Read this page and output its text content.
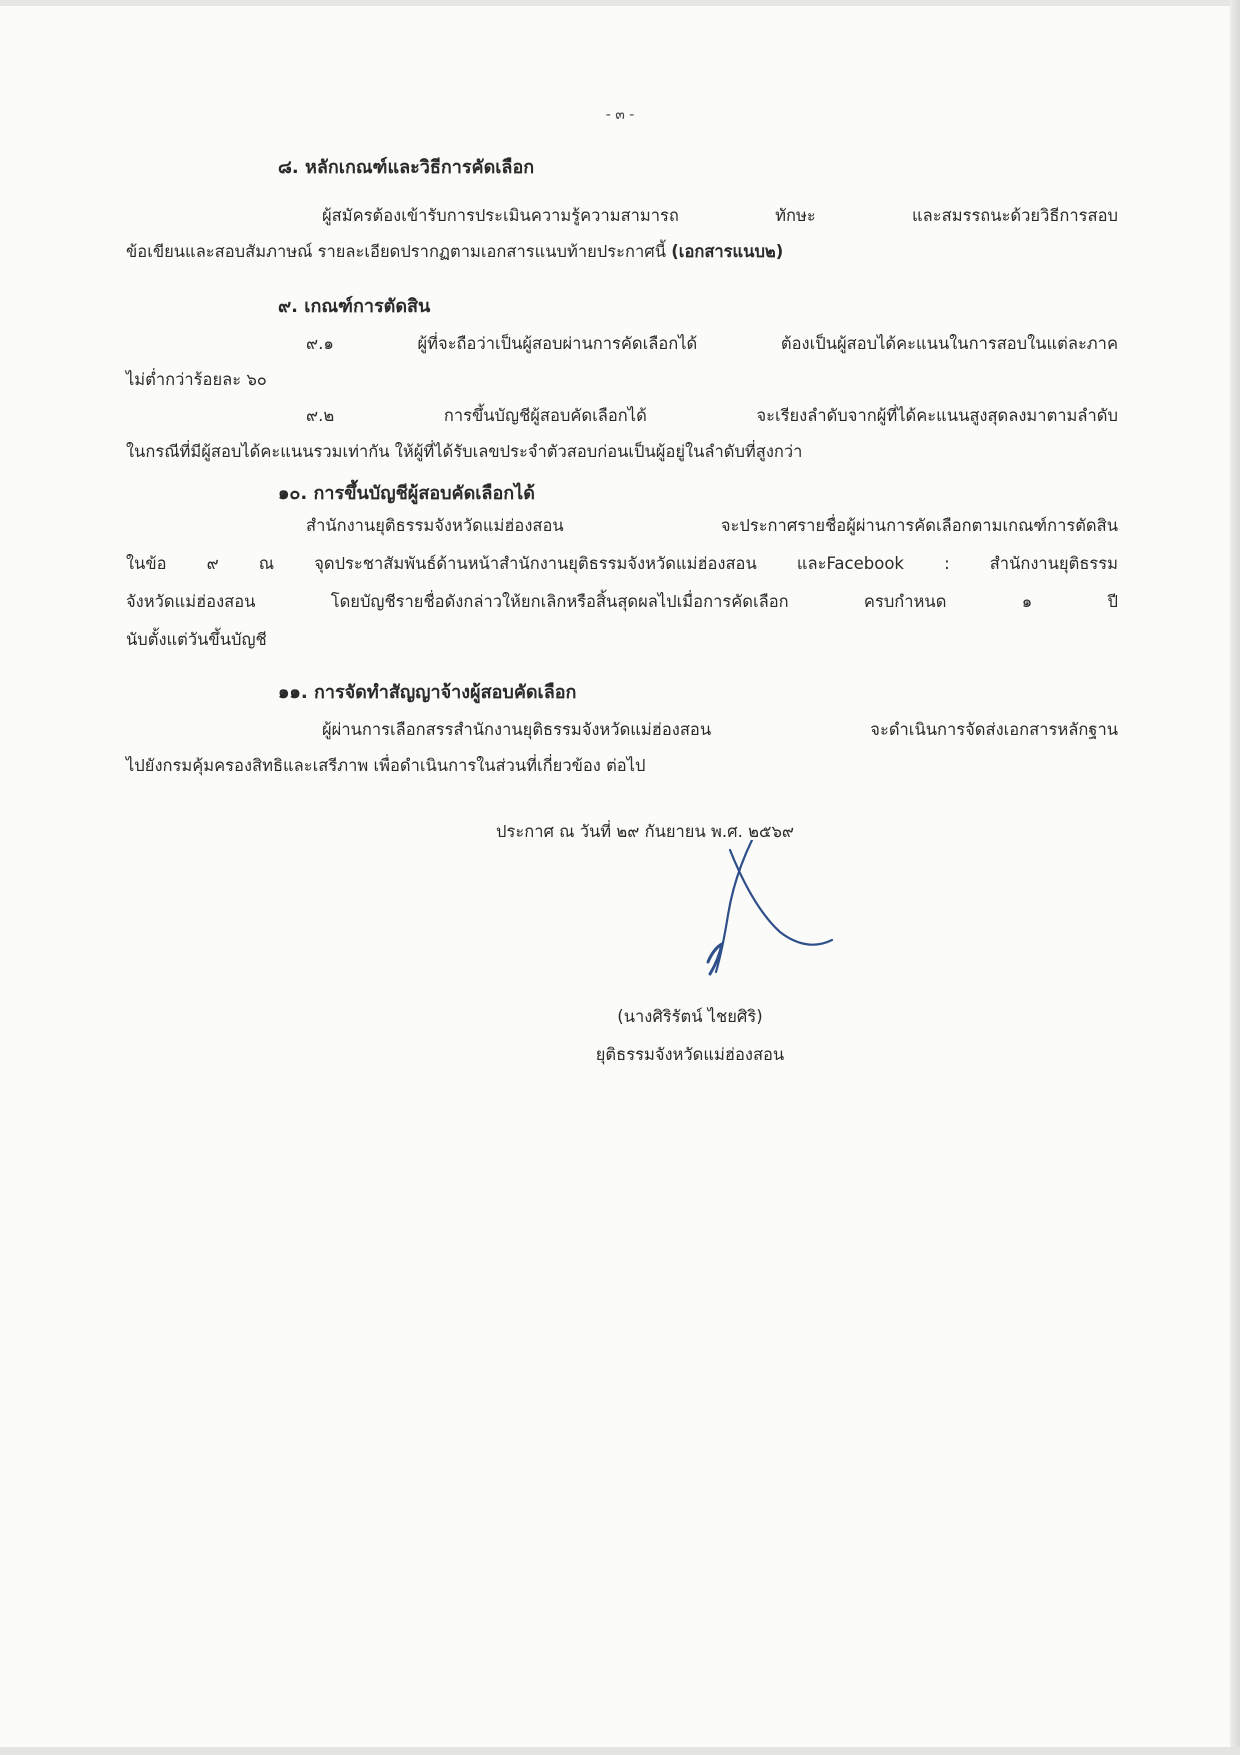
- ๓ -
๘. หลักเกณฑ์และวิธีการคัดเลือก
ผู้สมัครต้องเข้ารับการประเมินความรู้ความสามารถ ทักษะ และสมรรถนะด้วยวิธีการสอบ
ข้อเขียนและสอบสัมภาษณ์ รายละเอียดปรากฏตามเอกสารแนบท้ายประกาศนี้ (เอกสารแนบ๒)
๙. เกณฑ์การตัดสิน
๙.๑ ผู้ที่จะถือว่าเป็นผู้สอบผ่านการคัดเลือกได้ ต้องเป็นผู้สอบได้คะแนนในการสอบในแต่ละภาค
ไม่ต่ำกว่าร้อยละ ๖๐
๙.๒ การขึ้นบัญชีผู้สอบคัดเลือกได้ จะเรียงลำดับจากผู้ที่ได้คะแนนสูงสุดลงมาตามลำดับ
ในกรณีที่มีผู้สอบได้คะแนนรวมเท่ากัน ให้ผู้ที่ได้รับเลขประจำตัวสอบก่อนเป็นผู้อยู่ในลำดับที่สูงกว่า
๑๐. การขึ้นบัญชีผู้สอบคัดเลือกได้
สำนักงานยุติธรรมจังหวัดแม่ฮ่องสอน จะประกาศรายชื่อผู้ผ่านการคัดเลือกตามเกณฑ์การตัดสิน
ในข้อ ๙ ณ จุดประชาสัมพันธ์ด้านหน้าสำนักงานยุติธรรมจังหวัดแม่ฮ่องสอน และFacebook : สำนักงานยุติธรรม
จังหวัดแม่ฮ่องสอน โดยบัญชีรายชื่อดังกล่าวให้ยกเลิกหรือสิ้นสุดผลไปเมื่อการคัดเลือก ครบกำหนด ๑ ปี
นับตั้งแต่วันขึ้นบัญชี
๑๑. การจัดทำสัญญาจ้างผู้สอบคัดเลือก
ผู้ผ่านการเลือกสรรสำนักงานยุติธรรมจังหวัดแม่ฮ่องสอน จะดำเนินการจัดส่งเอกสารหลักฐาน
ไปยังกรมคุ้มครองสิทธิและเสรีภาพ เพื่อดำเนินการในส่วนที่เกี่ยวข้อง ต่อไป
ประกาศ ณ วันที่ ๒๙ กันยายน พ.ศ. ๒๕๖๙
(นางศิริรัตน์ ไชยศิริ)
ยุติธรรมจังหวัดแม่ฮ่องสอน
